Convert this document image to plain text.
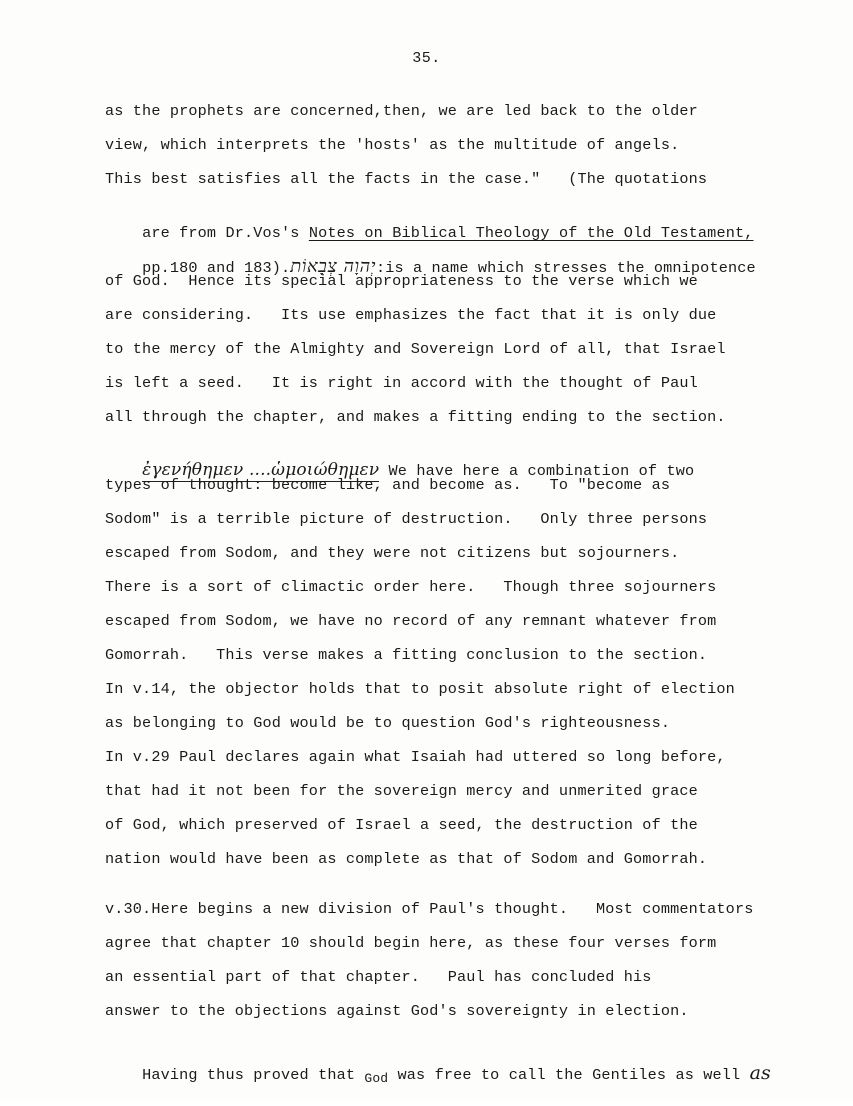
35.
as the prophets are concerned,then, we are led back to the older
view, which interprets the 'hosts' as the multitude of angels.
This best satisfies all the facts in the case."   (The quotations

are from Dr.Vos's Notes on Biblical Theology of the Old Testament,

pp.180 and 183).יְהוָה צְבָאוֹת:is a name which stresses the omnipotence

of God.  Hence its special appropriateness to the verse which we
are considering.   Its use emphasizes the fact that it is only due
to the mercy of the Almighty and Sovereign Lord of all, that Israel
is left a seed.   It is right in accord with the thought of Paul
all through the chapter, and makes a fitting ending to the section.

ἐγενήθημεν ....ὡμοιώθημεν We have here a combination of two

types of thought: become like, and become as.   To "become as
Sodom" is a terrible picture of destruction.   Only three persons
escaped from Sodom, and they were not citizens but sojourners.
There is a sort of climactic order here.   Though three sojourners
escaped from Sodom, we have no record of any remnant whatever from
Gomorrah.   This verse makes a fitting conclusion to the section.
In v.14, the objector holds that to posit absolute right of election
as belonging to God would be to question God's righteousness.
In v.29 Paul declares again what Isaiah had uttered so long before,
that had it not been for the sovereign mercy and unmerited grace
of God, which preserved of Israel a seed, the destruction of the
nation would have been as complete as that of Sodom and Gomorrah.
v.30.Here begins a new division of Paul's thought.   Most commentators
agree that chapter 10 should begin here, as these four verses form
an essential part of that chapter.   Paul has concluded his
answer to the objections against God's sovereignty in election.

Having thus proved that God was free to call the Gentiles as well as
